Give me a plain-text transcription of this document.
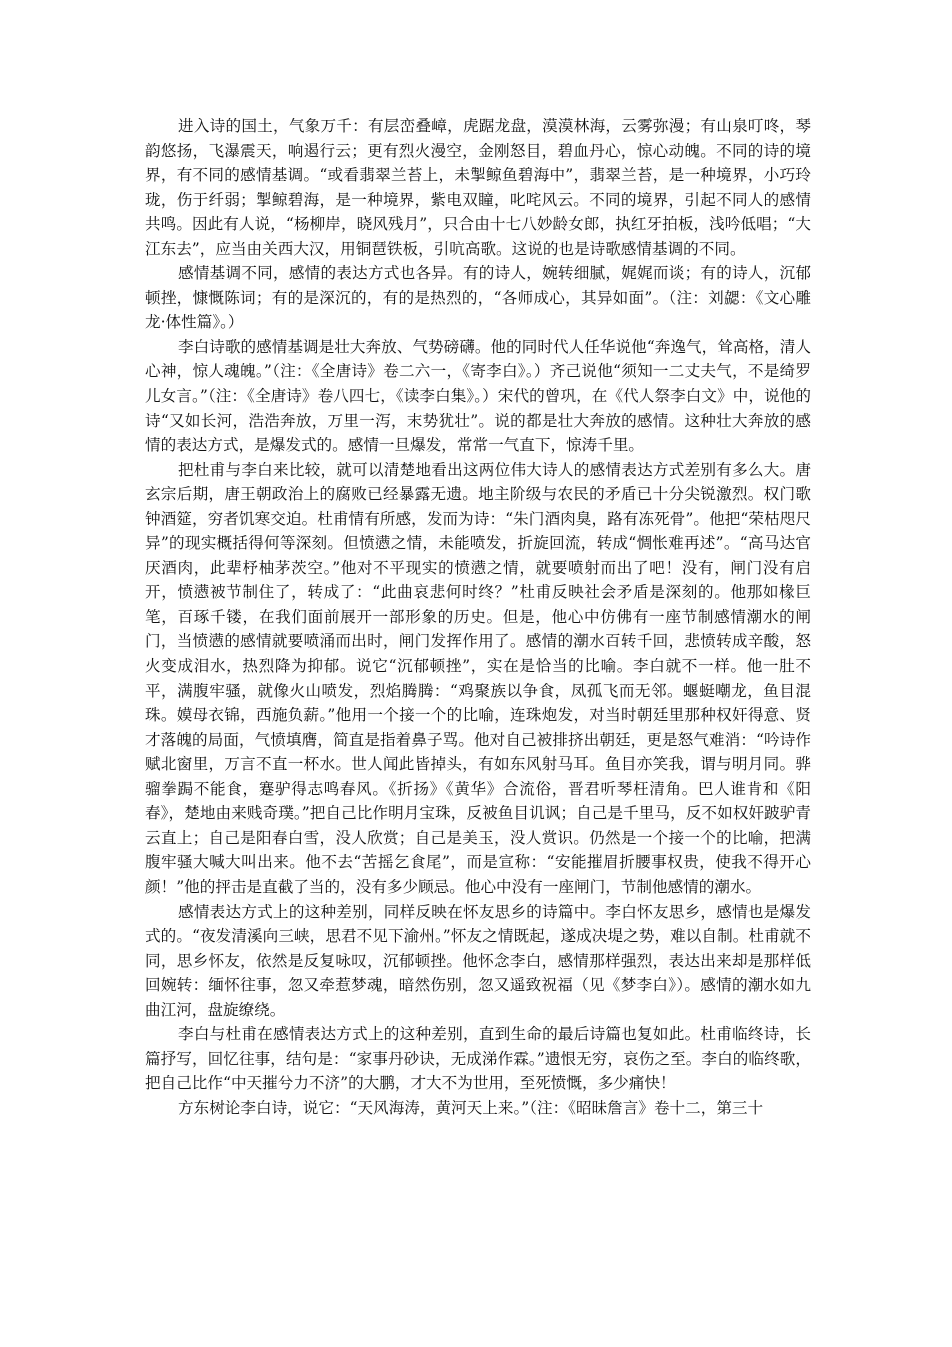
进入诗的国土，气象万千：有层峦叠嶂，虎踞龙盘，漠漠林海，云雾弥漫；有山泉叮咚，琴韵悠扬，飞瀑震天，响遏行云；更有烈火漫空，金刚怒目，碧血丹心，惊心动魄。不同的诗的境界，有不同的感情基调。“或看翡翠兰苔上，未掣鲸鱼碧海中”，翡翠兰苔，是一种境界，小巧玲珑，伤于纤弱；掣鲸碧海，是一种境界，紫电双瞳，叱咤风云。不同的境界，引起不同人的感情共鸣。因此有人说，“杨柳岸，晓风残月”，只合由十七八妙龄女郎，执红牙拍板，浅吟低唱；“大江东去”，应当由关西大汉，用铜琶铁板，引吭高歌。这说的也是诗歌感情基调的不同。

感情基调不同，感情的表达方式也各异。有的诗人，婉转细腻，娓娓而谈；有的诗人，沉郁顿挫，慷慨陈词；有的是深沉的，有的是热烈的，“各师成心，其异如面”。（注：刘勰：《文心雕龙·体性篇》。）

李白诗歌的感情基调是壮大奔放、气势磅礴。他的同时代人任华说他“奔逸气，耸高格，清人心神，惊人魂魄。”（注：《全唐诗》卷二六一，《寄李白》。）齐己说他“须知一二丈夫气，不是绮罗儿女言。”（注：《全唐诗》卷八四七，《读李白集》。）宋代的曾巩，在《代人祭李白文》中，说他的诗“又如长河，浩浩奔放，万里一泻，末势犹壮”。说的都是壮大奔放的感情。这种壮大奔放的感情的表达方式，是爆发式的。感情一旦爆发，常常一气直下，惊涛千里。

把杜甫与李白来比较，就可以清楚地看出这两位伟大诗人的感情表达方式差别有多么大。唐玄宗后期，唐王朝政治上的腐败已经暴露无遗。地主阶级与农民的矛盾已十分尖锐激烈。权门歌钟酒筵，穷者饥寒交迫。杜甫情有所感，发而为诗：“朱门酒肉臭，路有冻死骨”。他把“荣枯咫尺异”的现实概括得何等深刻。但愤懑之情，未能喷发，折旋回流，转成“惆怅难再述”。“高马达官厌酒肉，此辈杼柚茅茨空。”他对不平现实的愤懑之情，就要喷射而出了吧！没有，闸门没有启开，愤懑被节制住了，转成了：“此曲哀悲何时终？”杜甫反映社会矛盾是深刻的。他那如椽巨笔，百琢千镂，在我们面前展开一部形象的历史。但是，他心中仿佛有一座节制感情潮水的闸门，当愤懑的感情就要喷涌而出时，闸门发挥作用了。感情的潮水百转千回，悲愤转成辛酸，怒火变成泪水，热烈降为抑郁。说它“沉郁顿挫”，实在是恰当的比喻。李白就不一样。他一肚不平，满腹牢骚，就像火山喷发，烈焰腾腾：“鸡聚族以争食，凤孤飞而无邻。蝘蜓嘲龙，鱼目混珠。嫫母衣锦，西施负薪。”他用一个接一个的比喻，连珠炮发，对当时朝廷里那种权奸得意、贤才落魄的局面，气愤填膺，简直是指着鼻子骂。他对自己被排挤出朝廷，更是怒气难消：“吟诗作赋北窗里，万言不直一杯水。世人闻此皆掉头，有如东风射马耳。鱼目亦笑我，谓与明月同。骅骝拳跼不能食，蹇驴得志鸣春风。《折扬》《黄华》合流俗，晋君听琴枉清角。巴人谁肯和《阳春》，楚地由来贱奇璞。”把自己比作明月宝珠，反被鱼目讥讽；自己是千里马，反不如权奸跛驴青云直上；自己是阳春白雪，没人欣赏；自己是美玉，没人赏识。仍然是一个接一个的比喻，把满腹牢骚大喊大叫出来。他不去“苦摇乞食尾”，而是宣称：“安能摧眉折腰事权贵，使我不得开心颜！”他的抨击是直截了当的，没有多少顾忌。他心中没有一座闸门，节制他感情的潮水。

感情表达方式上的这种差别，同样反映在怀友思乡的诗篇中。李白怀友思乡，感情也是爆发式的。“夜发清溪向三峡，思君不见下渝州。”怀友之情既起，遂成决堤之势，难以自制。杜甫就不同，思乡怀友，依然是反复咏叹，沉郁顿挫。他怀念李白，感情那样强烈，表达出来却是那样低回婉转：缅怀往事，忽又牵惹梦魂，暗然伤别，忽又遥致祝福（见《梦李白》）。感情的潮水如九曲江河，盘旋缭绕。

李白与杜甫在感情表达方式上的这种差别，直到生命的最后诗篇也复如此。杜甫临终诗，长篇抒写，回忆往事，结句是：“家事丹砂诀，无成涕作霖。”遗恨无穷，哀伤之至。李白的临终歌，把自己比作“中天摧兮力不济”的大鹏，才大不为世用，至死愤慨，多少痛快！

方东树论李白诗，说它：“天风海涛，黄河天上来。”（注：《昭昧詹言》卷十二，第三十
